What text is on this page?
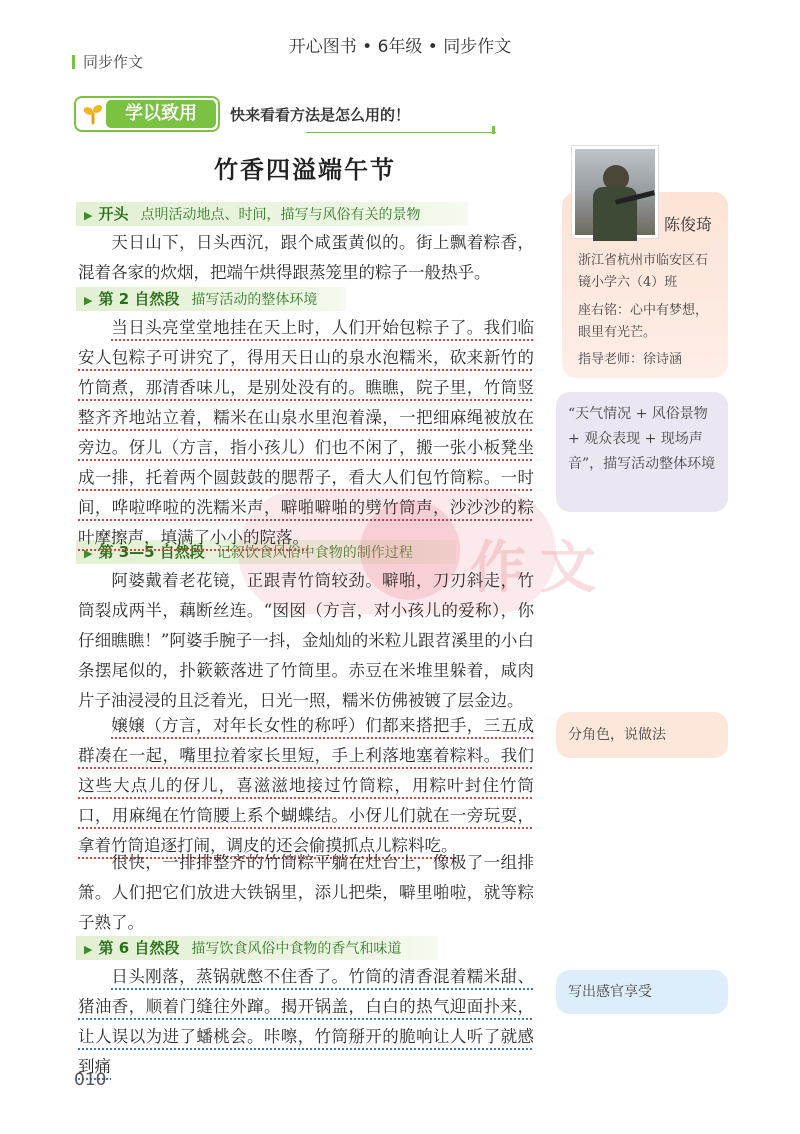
开心图书 • 6年级 • 同步作文
同步作文
学以致用	快来看看方法是怎么用的！
竹香四溢端午节
▶ 开头 点明活动地点、时间，描写与风俗有关的景物
▶ 第 2 自然段 描写活动的整体环境
▶ 第 3—5 自然段 记叙饮食风俗中食物的制作过程
▶ 第 6 自然段 描写饮食风俗中食物的香气和味道
作文
天日山下，日头西沉，跟个咸蛋黄似的。街上飘着粽香，混着各家的炊烟，把端午烘得跟蒸笼里的粽子一般热乎。
当日头亮堂堂地挂在天上时，人们开始包粽子了。我们临安人包粽子可讲究了，得用天日山的泉水泡糯米，砍来新竹的竹筒煮，那清香味儿，是别处没有的。瞧瞧，院子里，竹筒竖整齐齐地站立着，糯米在山泉水里泡着澡，一把细麻绳被放在旁边。伢儿（方言，指小孩儿）们也不闲了，搬一张小板凳坐成一排，托着两个圆鼓鼓的腮帮子，看大人们包竹筒粽。一时间，哗啦哗啦的洗糯米声，噼啪噼啪的劈竹筒声，沙沙沙的粽叶摩擦声，填满了小小的院落。
阿婆戴着老花镜，正跟青竹筒较劲。噼啪，刀刃斜走，竹筒裂成两半，藕断丝连。“囡囡（方言，对小孩儿的爱称），你仔细瞧瞧！”阿婆手腕子一抖，金灿灿的米粒儿跟苕溪里的小白条摆尾似的，扑簌簌落进了竹筒里。赤豆在米堆里躲着，咸肉片子油浸浸的且泛着光，日光一照，糯米仿佛被镀了层金边。
嬢嬢（方言，对年长女性的称呼）们都来搭把手，三五成群凑在一起，嘴里拉着家长里短，手上利落地塞着粽料。我们这些大点儿的伢儿，喜滋滋地接过竹筒粽，用粽叶封住竹筒口，用麻绳在竹筒腰上系个蝴蝶结。小伢儿们就在一旁玩耍，拿着竹筒追逐打闹，调皮的还会偷摸抓点儿粽料吃。
很快，一排排整齐的竹筒粽平躺在灶台上，像极了一组排箫。人们把它们放进大铁锅里，添儿把柴，噼里啪啦，就等粽子熟了。
日头刚落，蒸锅就憋不住香了。竹筒的清香混着糯米甜、猪油香，顺着门缝往外蹿。揭开锅盖，白白的热气迎面扑来，让人误以为进了蟠桃会。咔嚓，竹筒掰开的脆响让人听了就感到痛
陈俊琦
浙江省杭州市临安区石镜小学六（4）班
座右铭：心中有梦想，眼里有光芒。
指导老师：徐诗涵
“天气情况 + 风俗景物 + 观众表现 + 现场声音”，描写活动整体环境
分角色，说做法
写出感官享受
010
